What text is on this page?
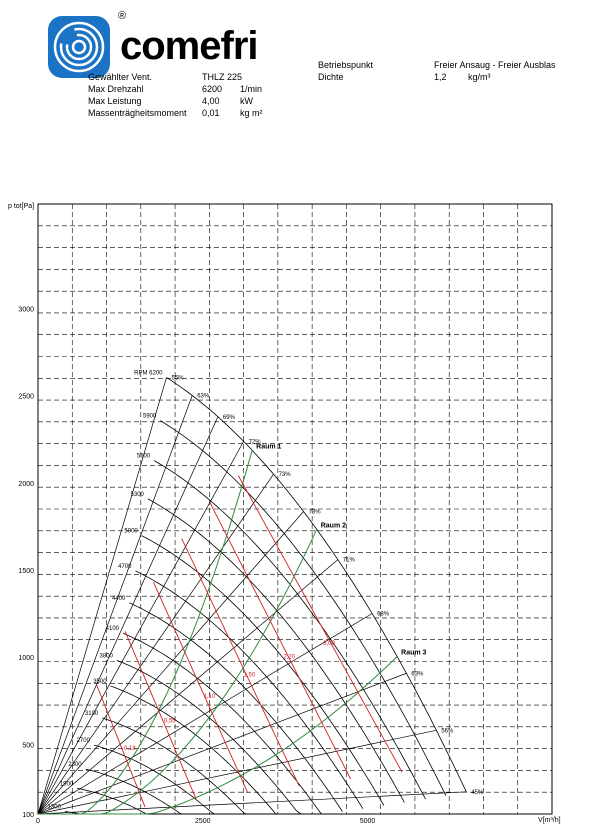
®
comefri
Gewählter Vent.	THLZ 225
Max Drehzahl	6200 1/min
Max Leistung	4,00 kW
Massenträgheitsmoment 0,01 kg m²
Betriebspunkt	Freier Ansaug - Freier Ausblas
Dichte	1,2 kg/m³
100
500
1000
1500
2000
2500
3000
0	2500	5000
RPM 6200
5900
5600
5300
5000
4700
4400
4100
3800
3500
3100
2700
2300
1900
1300
55%
63%
69%
72%
73%
73%
71%
68%
63%
56%
45%
Raum 1
Raum 2
Raum 3
0,18
0,55
1,10
1,50
2,20
3,00
p tot[Pa]
V[m³/h]
